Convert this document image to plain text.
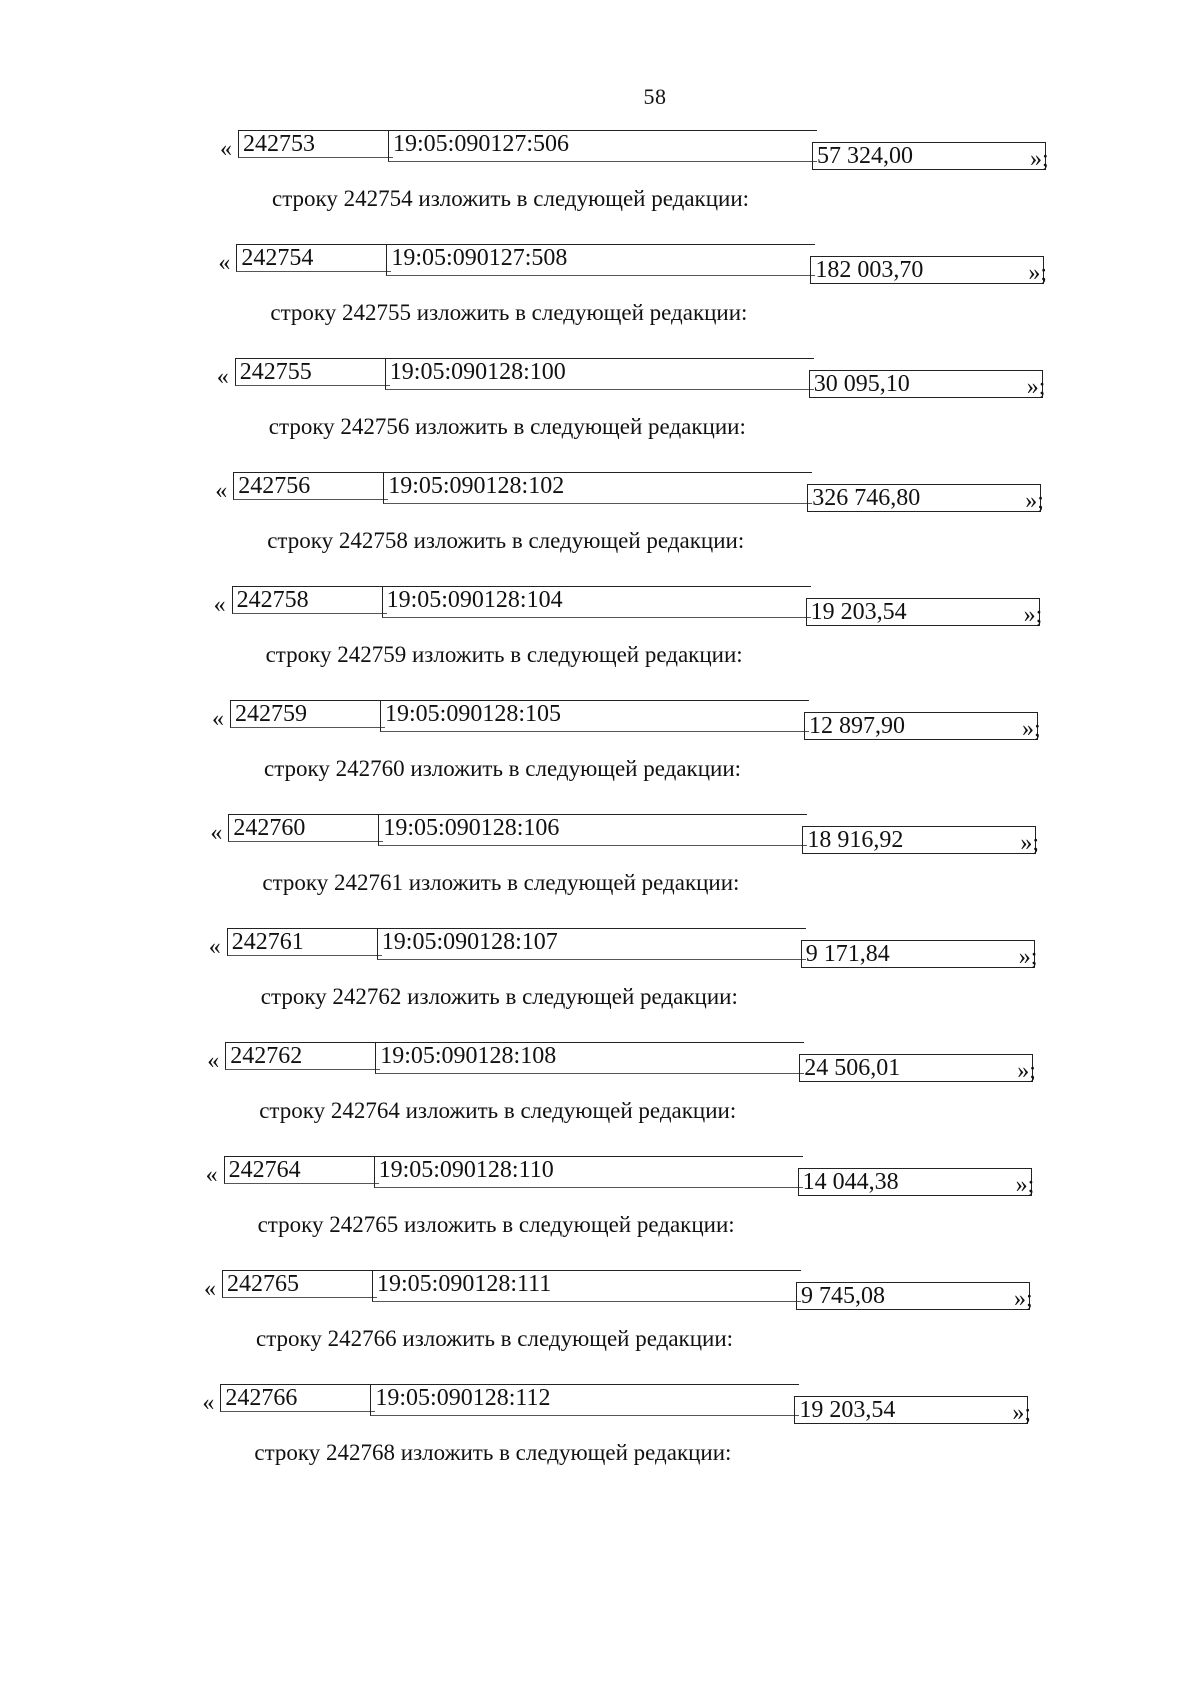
58
« 242753	19:05:090127:506	57 324,00	»;
строку 242754 изложить в следующей редакции:
« 242754	19:05:090127:508	182 003,70	»;
строку 242755 изложить в следующей редакции:
« 242755	19:05:090128:100	30 095,10	»;
строку 242756 изложить в следующей редакции:
« 242756	19:05:090128:102	326 746,80	»;
строку 242758 изложить в следующей редакции:
« 242758	19:05:090128:104	19 203,54	»;
строку 242759 изложить в следующей редакции:
« 242759	19:05:090128:105	12 897,90	»;
строку 242760 изложить в следующей редакции:
« 242760	19:05:090128:106	18 916,92	»;
строку 242761 изложить в следующей редакции:
« 242761	19:05:090128:107	9 171,84	»;
строку 242762 изложить в следующей редакции:
« 242762	19:05:090128:108	24 506,01	»;
строку 242764 изложить в следующей редакции:
« 242764	19:05:090128:110	14 044,38	»;
строку 242765 изложить в следующей редакции:
« 242765	19:05:090128:111	9 745,08	»;
строку 242766 изложить в следующей редакции:
« 242766	19:05:090128:112	19 203,54	»;
строку 242768 изложить в следующей редакции:
